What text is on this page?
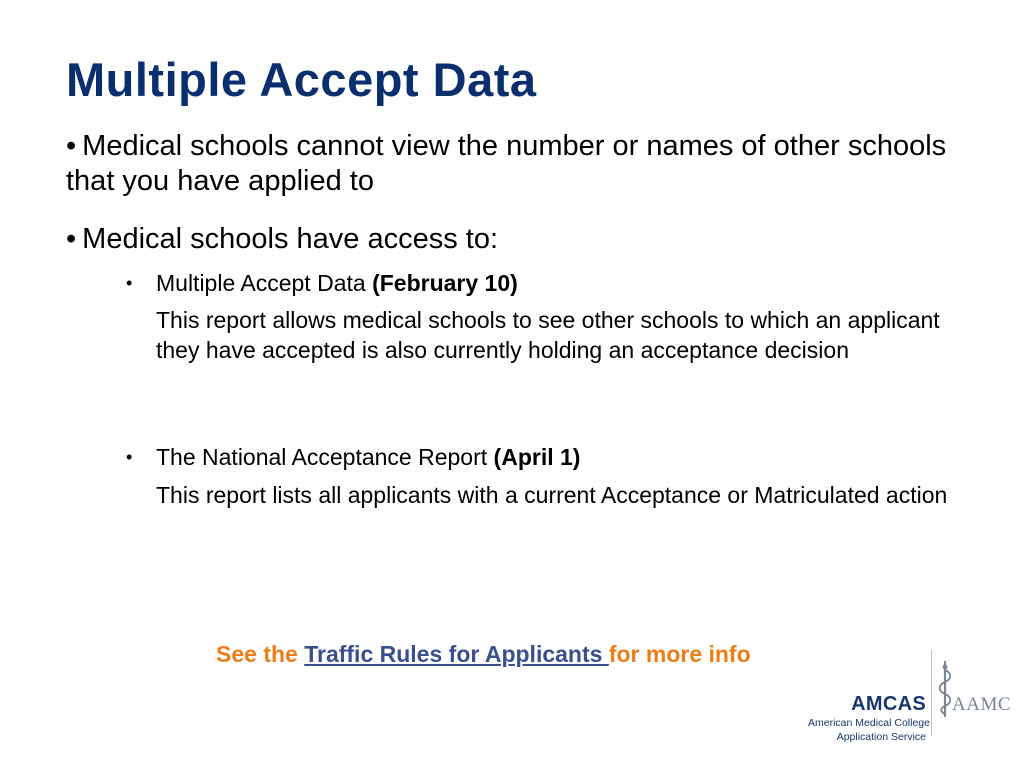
Multiple Accept Data
• Medical schools cannot view the number or names of other schools that you have applied to
• Medical schools have access to:
• Multiple Accept Data (February 10)
This report allows medical schools to see other schools to which an applicant they have accepted is also currently holding an acceptance decision
• The National Acceptance Report (April 1)
This report lists all applicants with a current Acceptance or Matriculated action
See the Traffic Rules for Applicants for more info
AMCAS
American Medical College
Application Service
AAMC
